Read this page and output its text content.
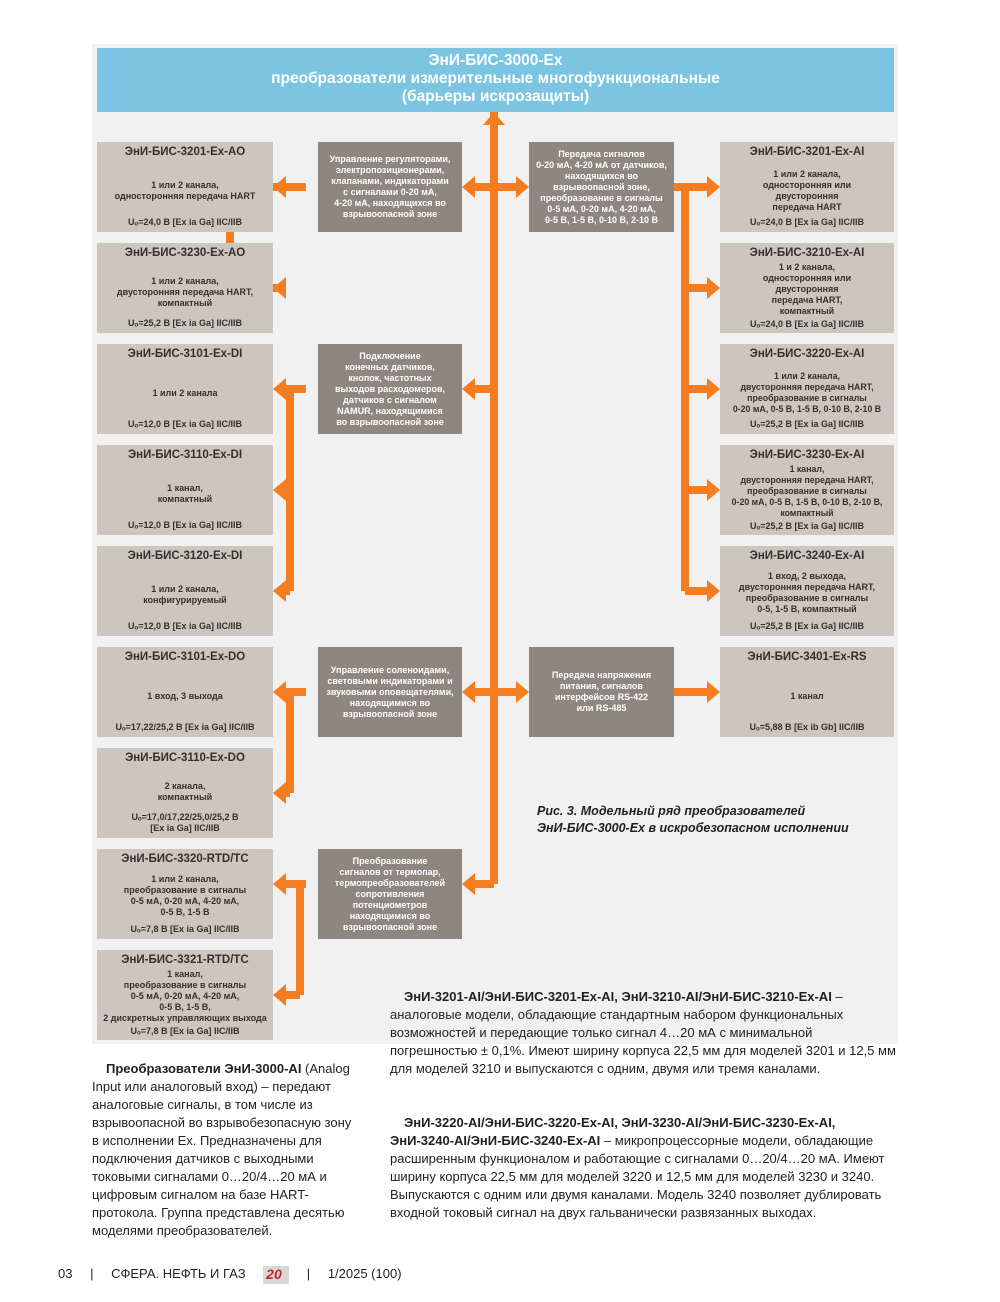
ЭнИ-БИС-3000-Ex
преобразователи измерительные многофункциональные
(барьеры искрозащиты)
ЭнИ-БИС-3201-Ex-AO
1 или 2 канала,
односторонняя передача HART
Uₒ=24,0 В [Ex ia Ga] IIC/IIB
ЭнИ-БИС-3230-Ex-AO
1 или 2 канала,
двусторонняя передача HART,
компактный
Uₒ=25,2 В [Ex ia Ga] IIC/IIB
ЭнИ-БИС-3101-Ex-DI
1 или 2 канала
Uₒ=12,0 В [Ex ia Ga] IIC/IIB
ЭнИ-БИС-3110-Ex-DI
1 канал,
компактный
Uₒ=12,0 В [Ex ia Ga] IIC/IIB
ЭнИ-БИС-3120-Ex-DI
1 или 2 канала,
конфигурируемый
Uₒ=12,0 В [Ex ia Ga] IIC/IIB
ЭнИ-БИС-3101-Ex-DO
1 вход, 3 выхода
Uₒ=17,22/25,2 В [Ex ia Ga] IIC/IIB
ЭнИ-БИС-3110-Ex-DO
2 канала,
компактный
Uₒ=17,0/17,22/25,0/25,2 В
[Ex ia Ga] IIC/IIB
ЭнИ-БИС-3320-RTD/TC
1 или 2 канала,
преобразование в сигналы
0-5 мА, 0-20 мА, 4-20 мА,
0-5 В, 1-5 В
Uₒ=7,8 В [Ex ia Ga] IIC/IIB
ЭнИ-БИС-3321-RTD/TC
1 канал,
преобразование в сигналы
0-5 мА, 0-20 мА, 4-20 мА,
0-5 В, 1-5 В,
2 дискретных управляющих выхода
Uₒ=7,8 В [Ex ia Ga] IIC/IIB
ЭнИ-БИС-3201-Ex-AI
1 или 2 канала,
односторонняя или
двусторонняя
передача HART
Uₒ=24,0 В [Ex ia Ga] IIC/IIB
ЭнИ-БИС-3210-Ex-AI
1 и 2 канала,
односторонняя или
двусторонняя
передача HART,
компактный
Uₒ=24,0 В [Ex ia Ga] IIC/IIB
ЭнИ-БИС-3220-Ex-AI
1 или 2 канала,
двусторонняя передача HART,
преобразование в сигналы
0-20 мА, 0-5 В, 1-5 В, 0-10 В, 2-10 В
Uₒ=25,2 В [Ex ia Ga] IIC/IIB
ЭнИ-БИС-3230-Ex-AI
1 канал,
двусторонняя передача HART,
преобразование в сигналы
0-20 мА, 0-5 В, 1-5 В, 0-10 В, 2-10 В,
компактный
Uₒ=25,2 В [Ex ia Ga] IIC/IIB
ЭнИ-БИС-3240-Ex-AI
1 вход, 2 выхода,
двусторонняя передача HART,
преобразование в сигналы
0-5, 1-5 В, компактный
Uₒ=25,2 В [Ex ia Ga] IIC/IIB
ЭнИ-БИС-3401-Ex-RS
1 канал
Uₒ=5,88 В [Ex ib Gb] IIC/IIB
Управление регуляторами,
электропозиционерами,
клапанами, индикаторами
с сигналами 0-20 мА,
4-20 мА, находящихся во
взрывоопасной зоне
Подключение
конечных датчиков,
кнопок, частотных
выходов расходомеров,
датчиков с сигналом
NAMUR, находящимися
во взрывоопасной зоне
Управление соленоидами,
световыми индикаторами и
звуковыми оповещателями,
находящимися во
взрывоопасной зоне
Преобразование
сигналов от термопар,
термопреобразователей
сопротивления
потенциометров
находящимися во
взрывоопасной зоне
Передача сигналов
0-20 мА, 4-20 мА от датчиков,
находящихся во
взрывоопасной зоне,
преобразование в сигналы
0-5 мА, 0-20 мА, 4-20 мА,
0-5 В, 1-5 В, 0-10 В, 2-10 В
Передача напряжения
питания, сигналов
интерфейсов RS-422
или RS-485
Рис. 3. Модельный ряд преобразователей
ЭнИ-БИС-3000-Ex в искробезопасном исполнении
Преобразователи ЭнИ-3000-AI (Analog Input или аналоговый вход) – передают аналоговые сигналы, в том числе из взрывоопасной во взрывобезопасную зону в исполнении Ex. Предназначены для подключения датчиков с выходными токовыми сигналами 0…20/4…20 мА и цифровым сигналом на базе HART-протокола. Группа представлена десятью моделями преобразователей.
ЭнИ-3201-AI/ЭнИ-БИС-3201-Ex-AI, ЭнИ-3210-AI/ЭнИ-БИС-3210-Ex-AI – аналоговые модели, обладающие стандартным набором функциональных возможностей и передающие только сигнал 4…20 мА с минимальной погрешностью ± 0,1%. Имеют ширину корпуса 22,5 мм для моделей 3201 и 12,5 мм для моделей 3210 и выпускаются с одним, двумя или тремя каналами.
ЭнИ-3220-AI/ЭнИ-БИС-3220-Ex-AI, ЭнИ-3230-AI/ЭнИ-БИС-3230-Ex-AI, ЭнИ-3240-AI/ЭнИ-БИС-3240-Ex-AI – микропроцессорные модели, обладающие расширенным функционалом и работающие с сигналами 0…20/4…20 мА. Имеют ширину корпуса 22,5 мм для моделей 3220 и 12,5 мм для моделей 3230 и 3240. Выпускаются с одним или двумя каналами. Модель 3240 позволяет дублировать входной токовый сигнал на двух гальванически развязанных выходах.
03 | СФЕРА. НЕФТЬ И ГАЗ 20 | 1/2025 (100)
